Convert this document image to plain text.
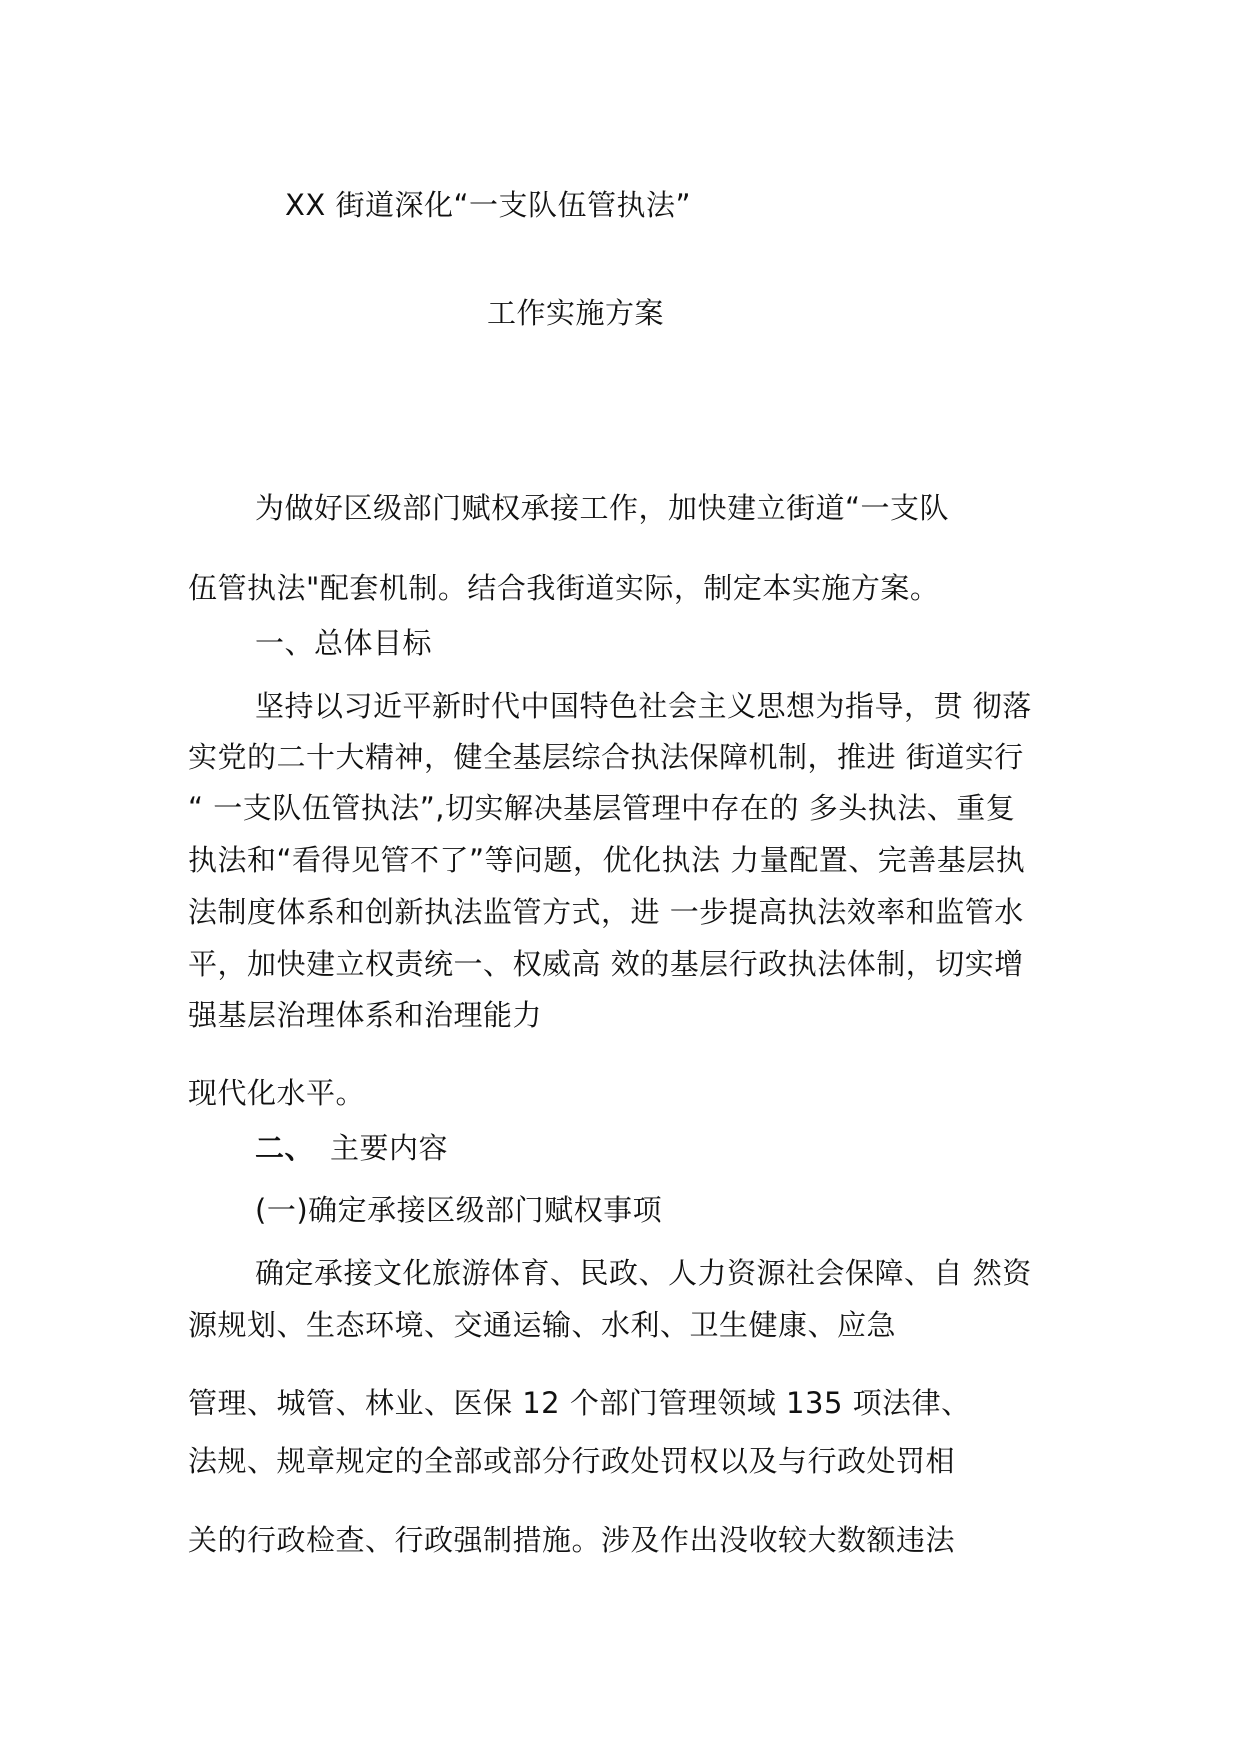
XX 街道深化“一支队伍管执法”
工作实施方案
为做好区级部门赋权承接工作，加快建立街道“一支队
伍管执法"配套机制。结合我街道实际，制定本实施方案。
一、总体目标
坚持以习近平新时代中国特色社会主义思想为指导，贯 彻落
实党的二十大精神，健全基层综合执法保障机制，推进 街道实行
“ 一支队伍管执法”,切实解决基层管理中存在的 多头执法、重复
执法和“看得见管不了”等问题，优化执法 力量配置、完善基层执
法制度体系和创新执法监管方式，进 一步提高执法效率和监管水
平，加快建立权责统一、权威高 效的基层行政执法体制，切实增
强基层治理体系和治理能力
现代化水平。
二、 主要内容
(一)确定承接区级部门赋权事项
确定承接文化旅游体育、民政、人力资源社会保障、自 然资
源规划、生态环境、交通运输、水利、卫生健康、应急
管理、城管、林业、医保 12 个部门管理领域 135 项法律、
法规、规章规定的全部或部分行政处罚权以及与行政处罚相
关的行政检查、行政强制措施。涉及作出没收较大数额违法
